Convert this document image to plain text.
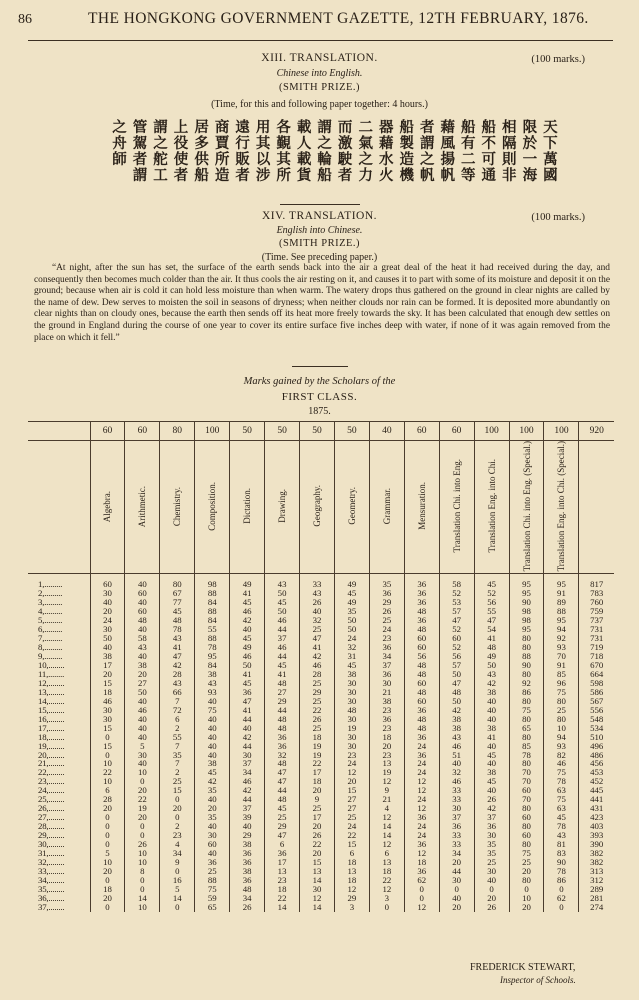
86	THE HONGKONG GOVERNMENT GAZETTE, 12TH FEBRUARY, 1876.
XIII. TRANSLATION.	(100 marks.)
Chinese into English.
(SMITH PRIZE.)
(Time, for this and following paper together: 4 hours.)
天下萬國
限於一海
相隔則非
船不可通
船有二等
藉風揚帆
者謂之帆
船製造機
器藉水火
二氣之力
而激駛者
謂之輪船
載人載貨
各覲其所
用其以涉
遠行販者
商賈所造
居多供船
上役使者
謂之舵工
管駕者謂
之舟師
XIV. TRANSLATION.	(100 marks.)
English into Chinese.
(SMITH PRIZE.)
(Time. See preceding paper.)
“At night, after the sun has set, the surface of the earth sends back into the air a great deal of the heat it had received during the day, and consequently then becomes much colder than the air. It thus cools the air resting on it, and causes it to part with some of its moisture and deposit it on the ground; because when air is cold it can hold less moisture than when warm. The watery drops thus gathered on the ground in clear nights are called by the name of dew. Dew serves to moisten the soil in seasons of dryness; when neither clouds nor rain can be formed. It is deposited more abundantly on clear nights than on cloudy ones, because the earth then sends off its heat more freely towards the sky. It has been calculated that enough dew settles on the ground in England during the course of one year to cover its entire surface five inches deep with water, if none of it was again removed from the place on which it fell.”
Marks gained by the Scholars of the
FIRST CLASS.
1875.
	60	60	80	100	50	50	50	50	40	60	60	100	100	100	920
	Algebra.	Arithmetic.	Chemistry.	Composition.	Dictation.	Drawing.	Geography.	Geometry.	Grammar.	Mensuration.	Translation Chi. into Eng.	Translation Eng. into Chi.	Translation Chi. into Eng. (Special.)	Translation Eng. into Chi. (Special.)	
1,.........	60	40	80	98	49	43	33	49	35	36	58	45	95	95	817
2,.........	30	60	67	88	41	50	43	45	36	36	52	52	95	91	783
3,.........	40	40	77	84	45	45	26	49	29	36	53	56	90	89	760
4,.........	20	60	45	88	46	50	40	35	26	48	57	55	98	88	759
5,.........	24	48	48	84	42	46	32	50	25	36	47	47	98	95	737
6,.........	30	40	78	55	40	44	25	50	24	48	52	54	95	94	731
7,.........	50	58	43	88	45	37	47	24	23	60	60	41	80	92	731
8,.........	40	43	41	78	49	46	41	32	36	60	52	48	80	93	719
9,.........	38	40	47	95	46	44	42	31	34	56	56	49	88	70	718
10,........	17	38	42	84	50	45	46	45	37	48	57	50	90	91	670
11,........	20	20	28	38	41	41	28	38	36	48	50	43	80	85	664
12,........	15	27	43	43	45	48	25	30	30	60	47	42	92	96	598
13,........	18	50	66	93	36	27	29	30	21	48	48	38	86	75	586
14,........	46	40	7	40	47	29	25	30	38	60	50	40	80	80	567
15,........	30	46	72	75	41	44	22	48	23	36	42	40	75	25	556
16,........	30	40	6	40	44	48	26	30	36	48	38	40	80	80	548
17,........	15	40	2	40	40	48	25	19	23	48	38	38	65	10	534
18,........	0	40	55	40	42	36	18	30	18	36	43	41	80	94	510
19,........	15	5	7	40	44	36	19	30	20	24	46	40	85	93	496
20,........	0	30	35	40	30	32	19	23	23	36	51	45	78	82	486
21,........	10	40	7	38	37	48	22	24	13	24	40	40	80	46	456
22,........	22	10	2	45	34	47	17	12	19	24	32	38	70	75	453
23,........	10	0	25	42	46	47	18	20	12	12	46	45	70	78	452
24,........	6	20	15	35	42	44	20	15	9	12	33	40	60	63	445
25,........	28	22	0	40	44	48	9	27	21	24	33	26	70	75	441
26,........	20	19	20	20	37	45	25	27	4	12	30	42	80	63	431
27,........	0	20	0	35	39	25	17	25	12	36	37	37	60	45	423
28,........	0	0	2	40	40	29	20	24	14	24	36	36	80	78	403
29,........	0	0	23	30	29	47	26	22	14	24	33	30	60	43	393
30,........	0	26	4	60	38	6	22	15	12	36	33	35	80	81	390
31,........	5	10	34	40	36	36	20	6	6	12	34	35	75	83	382
32,........	10	10	9	36	36	17	15	18	13	18	20	25	25	90	382
33,........	20	8	0	25	38	13	13	13	18	36	44	30	20	78	313
34,........	0	0	16	88	36	23	14	18	22	62	30	40	80	86	312
35,........	18	0	5	75	48	18	30	12	12	0	0	0	0	0	289
36,........	20	14	14	59	34	22	12	29	3	0	40	20	10	62	281
37,........	0	10	0	65	26	14	14	3	0	12	20	26	20	0	274
FREDERICK STEWART,
Inspector of Schools.
